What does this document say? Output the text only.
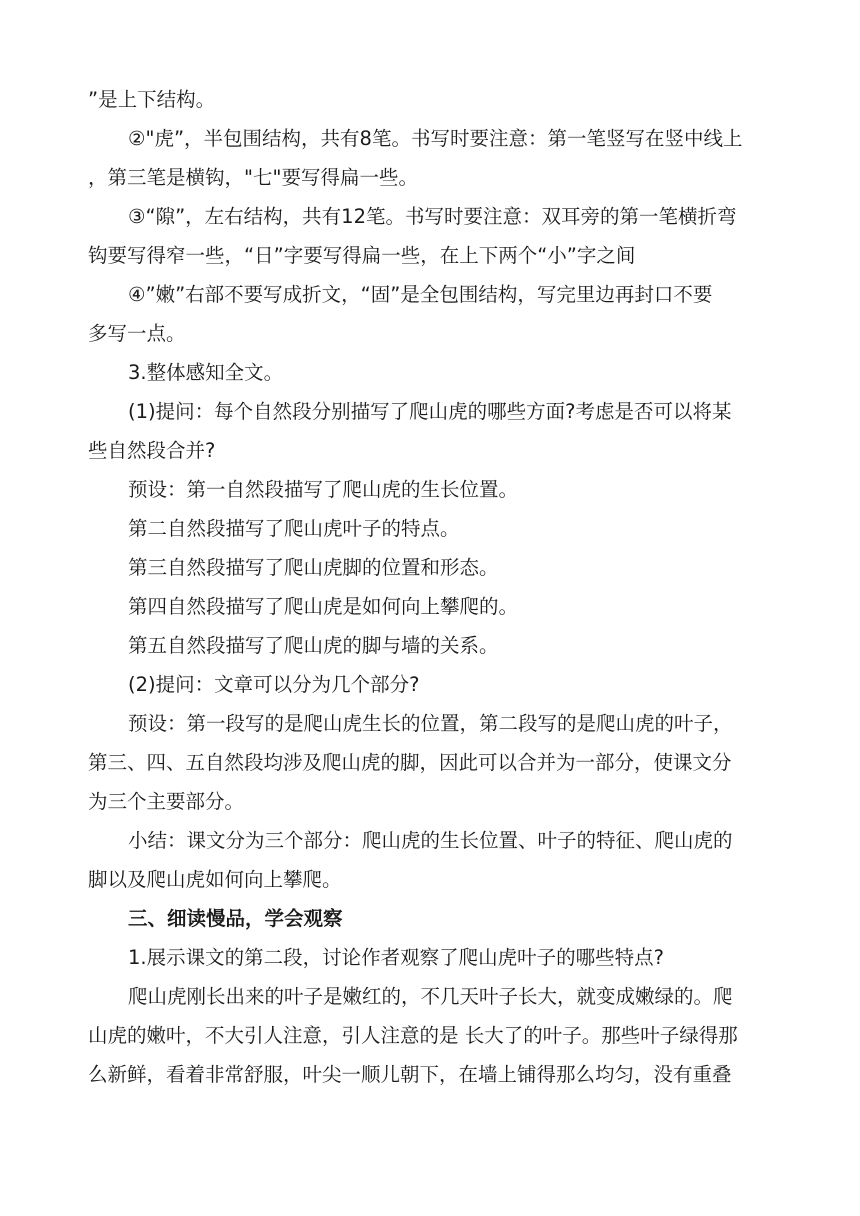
”是上下结构。

②"虎”，半包围结构，共有8笔。书写时要注意：第一笔竖写在竖中线上

，第三笔是横钩，"七"要写得扁一些。

③“隙”，左右结构，共有12笔。书写时要注意：双耳旁的第一笔横折弯

钩要写得窄一些，“日”字要写得扁一些，在上下两个“小”字之间

④”嫩”右部不要写成折文，“固”是全包围结构，写完里边再封口不要

多写一点。

3.整体感知全文。

(1)提问：每个自然段分别描写了爬山虎的哪些方面?考虑是否可以将某

些自然段合并?

预设：第一自然段描写了爬山虎的生长位置。

第二自然段描写了爬山虎叶子的特点。

第三自然段描写了爬山虎脚的位置和形态。

第四自然段描写了爬山虎是如何向上攀爬的。

第五自然段描写了爬山虎的脚与墙的关系。

(2)提问：文章可以分为几个部分?

预设：第一段写的是爬山虎生长的位置，第二段写的是爬山虎的叶子，

第三、四、五自然段均涉及爬山虎的脚，因此可以合并为一部分，使课文分

为三个主要部分。

小结：课文分为三个部分：爬山虎的生长位置、叶子的特征、爬山虎的

脚以及爬山虎如何向上攀爬。

三、细读慢品，学会观察

1.展示课文的第二段，讨论作者观察了爬山虎叶子的哪些特点?

爬山虎刚长出来的叶子是嫩红的，不几天叶子长大，就变成嫩绿的。爬

山虎的嫩叶，不大引人注意，引人注意的是 长大了的叶子。那些叶子绿得那

么新鲜，看着非常舒服，叶尖一顺儿朝下，在墙上铺得那么均匀，没有重叠
